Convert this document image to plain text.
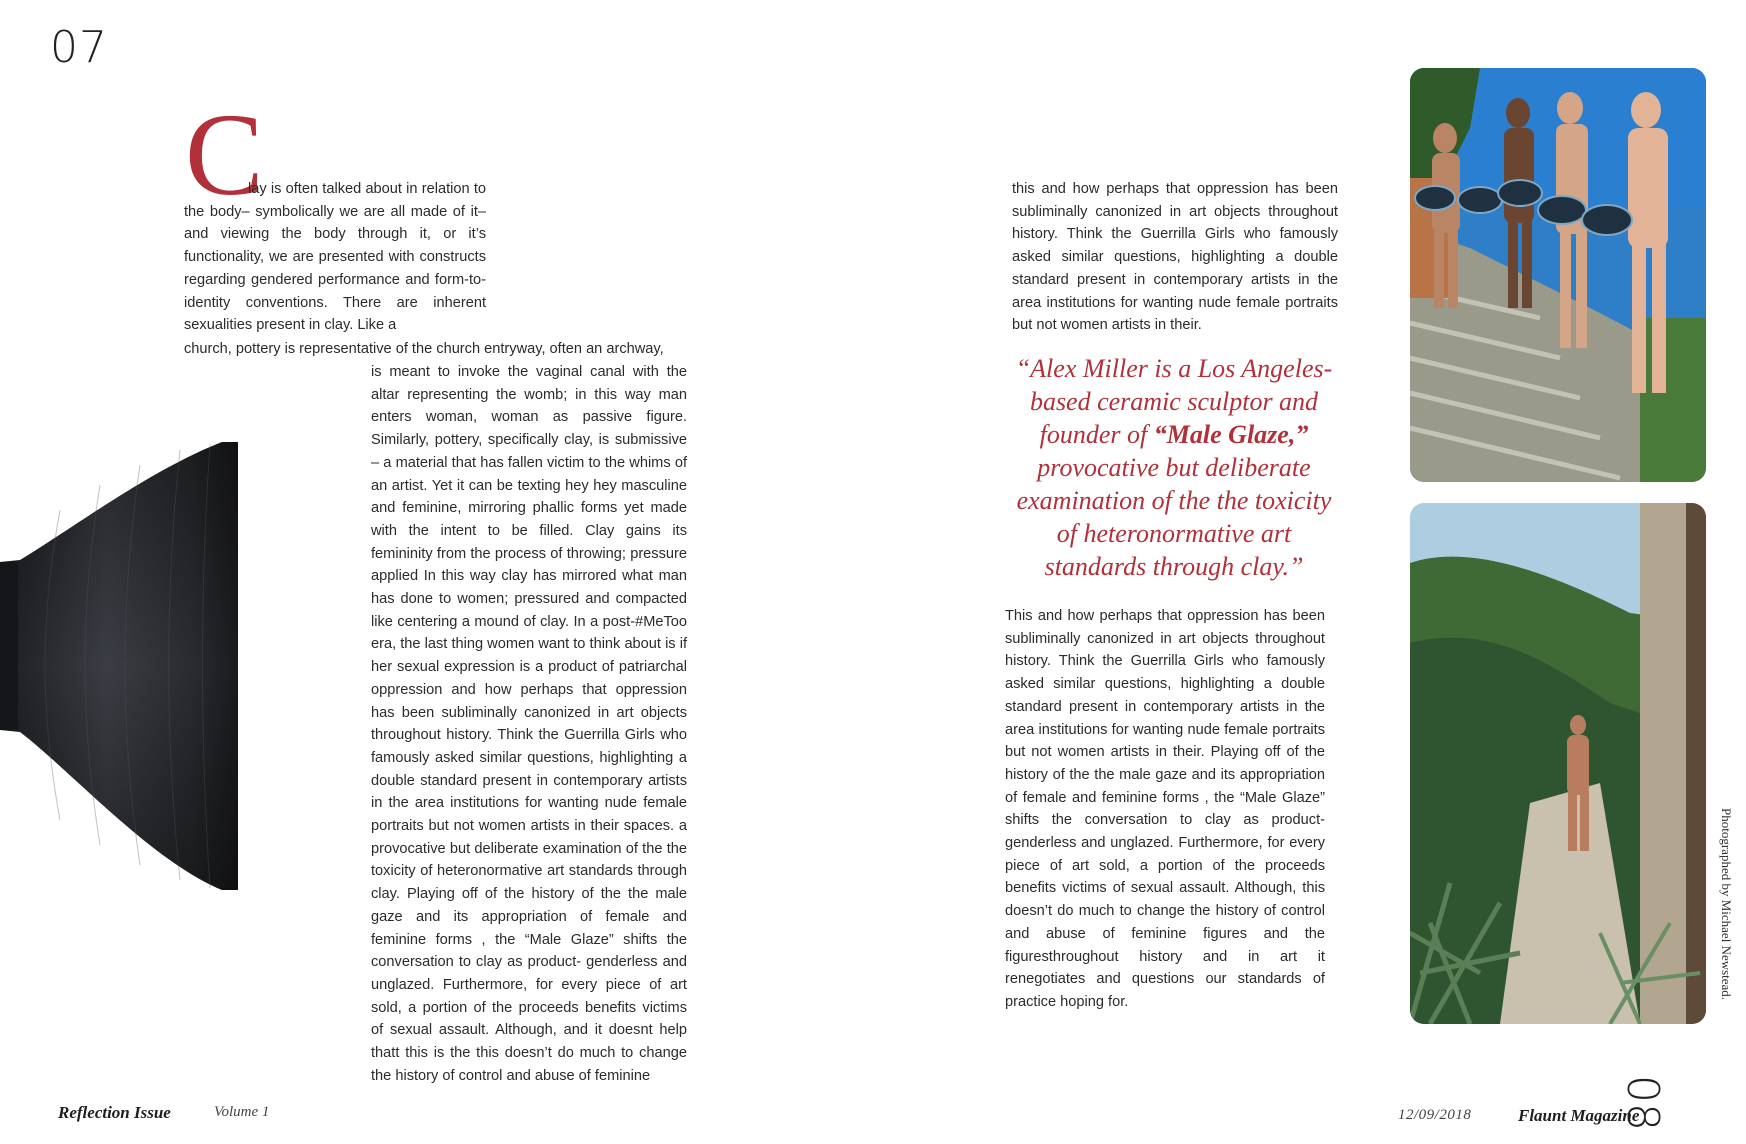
07
C
lay is often talked about in relation to the body– symbolically we are all made of it– and viewing the body through it, or it’s functionality, we are presented with constructs regarding gendered performance and form-to-identity conventions. There are inherent sexualities present in clay. Like a
church, pottery is representative of the church entryway, often an archway,
is meant to invoke the vaginal canal with the altar representing the womb; in this way man enters woman, woman as passive figure. Similarly, pottery, specifically clay, is submissive – a material that has fallen victim to the whims of an artist. Yet it can be texting hey hey masculine and feminine, mirroring phallic forms yet made with the intent to be filled. Clay gains its femininity from the process of throwing; pressure applied In this way clay has mirrored what man has done to women; pressured and compacted like centering a mound of clay. In a post-#MeToo era, the last thing women want to think about is if her sexual expression is a product of patriarchal oppression and how perhaps that oppression has been subliminally canonized in art objects throughout history. Think the Guerrilla Girls who famously asked similar questions, highlighting a double standard present in contemporary artists in the area institutions for wanting nude female portraits but not women artists in their spaces. a provocative but deliberate examination of the the toxicity of heteronormative art standards through clay. Playing off of the history of the the male gaze and its appropriation of female and feminine forms , the “Male Glaze” shifts the conversation to clay as product- genderless and unglazed. Furthermore, for every piece of art sold, a portion of the proceeds benefits victims of sexual assault. Although, and it doesnt help thatt this is the this doesn’t do much to change the history of control and abuse of feminine
this and how perhaps that oppression has been subliminally canonized in art objects throughout history. Think the Guerrilla Girls who famously asked similar questions, highlighting a double standard present in contemporary artists in the area institutions for wanting nude female portraits but not women artists in their.
“Alex Miller is a Los Angeles-based ceramic sculptor and founder of “Male Glaze,” provocative but deliberate examination of the the toxicity of heteronormative art standards through clay.”
This and how perhaps that oppression has been subliminally canonized in art objects throughout history. Think the Guerrilla Girls who famously asked similar questions, highlighting a double standard present in contemporary artists in the area institutions for wanting nude female portraits but not women artists in their. Playing off of the history of the the male gaze and its appropriation of female and feminine forms , the “Male Glaze” shifts the conversation to clay as product- genderless and unglazed. Furthermore, for every piece of art sold, a portion of the proceeds benefits victims of sexual assault. Although, this doesn’t do much to change the history of control and abuse of feminine figures and the figuresthroughout history and in art it renegotiates and questions our standards of practice hoping for.
Photographed by Michael Newstead.
08
Reflection Issue	Volume 1	12/09/2018	Flaunt Magazine
